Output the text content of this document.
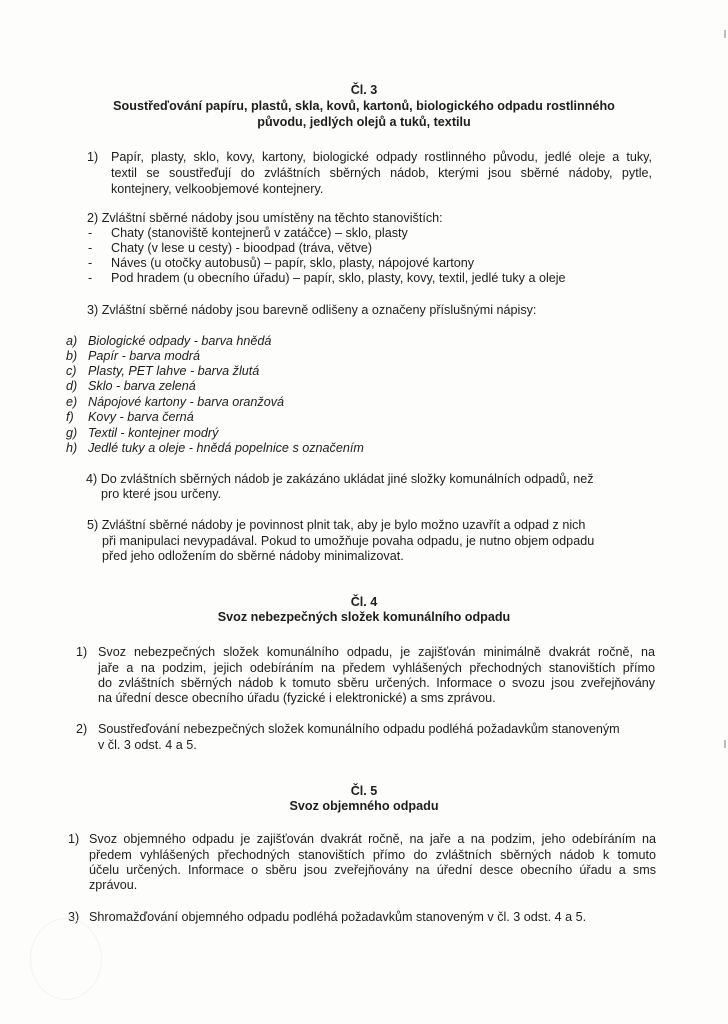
Čl. 3
Soustřeďování papíru, plastů, skla, kovů, kartonů, biologického odpadu rostlinného
původu, jedlých olejů a tuků, textilu
1) Papír, plasty, sklo, kovy, kartony, biologické odpady rostlinného původu, jedlé oleje a tuky,
textil se soustřeďují do zvláštních sběrných nádob, kterými jsou sběrné nádoby, pytle,
kontejnery, velkoobjemové kontejnery.
2) Zvláštní sběrné nádoby jsou umístěny na těchto stanovištích:
- Chaty (stanoviště kontejnerů v zatáčce) – sklo, plasty
- Chaty (v lese u cesty) - bioodpad (tráva, větve)
- Náves (u otočky autobusů) – papír, sklo, plasty, nápojové kartony
- Pod hradem (u obecního úřadu) – papír, sklo, plasty, kovy, textil, jedlé tuky a oleje
3) Zvláštní sběrné nádoby jsou barevně odlišeny a označeny příslušnými nápisy:
a) Biologické odpady - barva hnědá
b) Papír - barva modrá
c) Plasty, PET lahve - barva žlutá
d) Sklo - barva zelená
e) Nápojové kartony - barva oranžová
f) Kovy - barva černá
g) Textil - kontejner modrý
h) Jedlé tuky a oleje - hnědá popelnice s označením
4) Do zvláštních sběrných nádob je zakázáno ukládat jiné složky komunálních odpadů, než
pro které jsou určeny.
5) Zvláštní sběrné nádoby je povinnost plnit tak, aby je bylo možno uzavřít a odpad z nich
při manipulaci nevypadával. Pokud to umožňuje povaha odpadu, je nutno objem odpadu
před jeho odložením do sběrné nádoby minimalizovat.
Čl. 4
Svoz nebezpečných složek komunálního odpadu
1) Svoz nebezpečných složek komunálního odpadu, je zajišťován minimálně dvakrát ročně, na
jaře a na podzim, jejich odebíráním na předem vyhlášených přechodných stanovištích přímo
do zvláštních sběrných nádob k tomuto sběru určených. Informace o svozu jsou zveřejňovány
na úřední desce obecního úřadu (fyzické i elektronické) a sms zprávou.
2) Soustřeďování nebezpečných složek komunálního odpadu podléhá požadavkům stanoveným
v čl. 3 odst. 4 a 5.
Čl. 5
Svoz objemného odpadu
1) Svoz objemného odpadu je zajišťován dvakrát ročně, na jaře a na podzim, jeho odebíráním na
předem vyhlášených přechodných stanovištích přímo do zvláštních sběrných nádob k tomuto
účelu určených. Informace o sběru jsou zveřejňovány na úřední desce obecního úřadu a sms
zprávou.
3) Shromažďování objemného odpadu podléhá požadavkům stanoveným v čl. 3 odst. 4 a 5.
